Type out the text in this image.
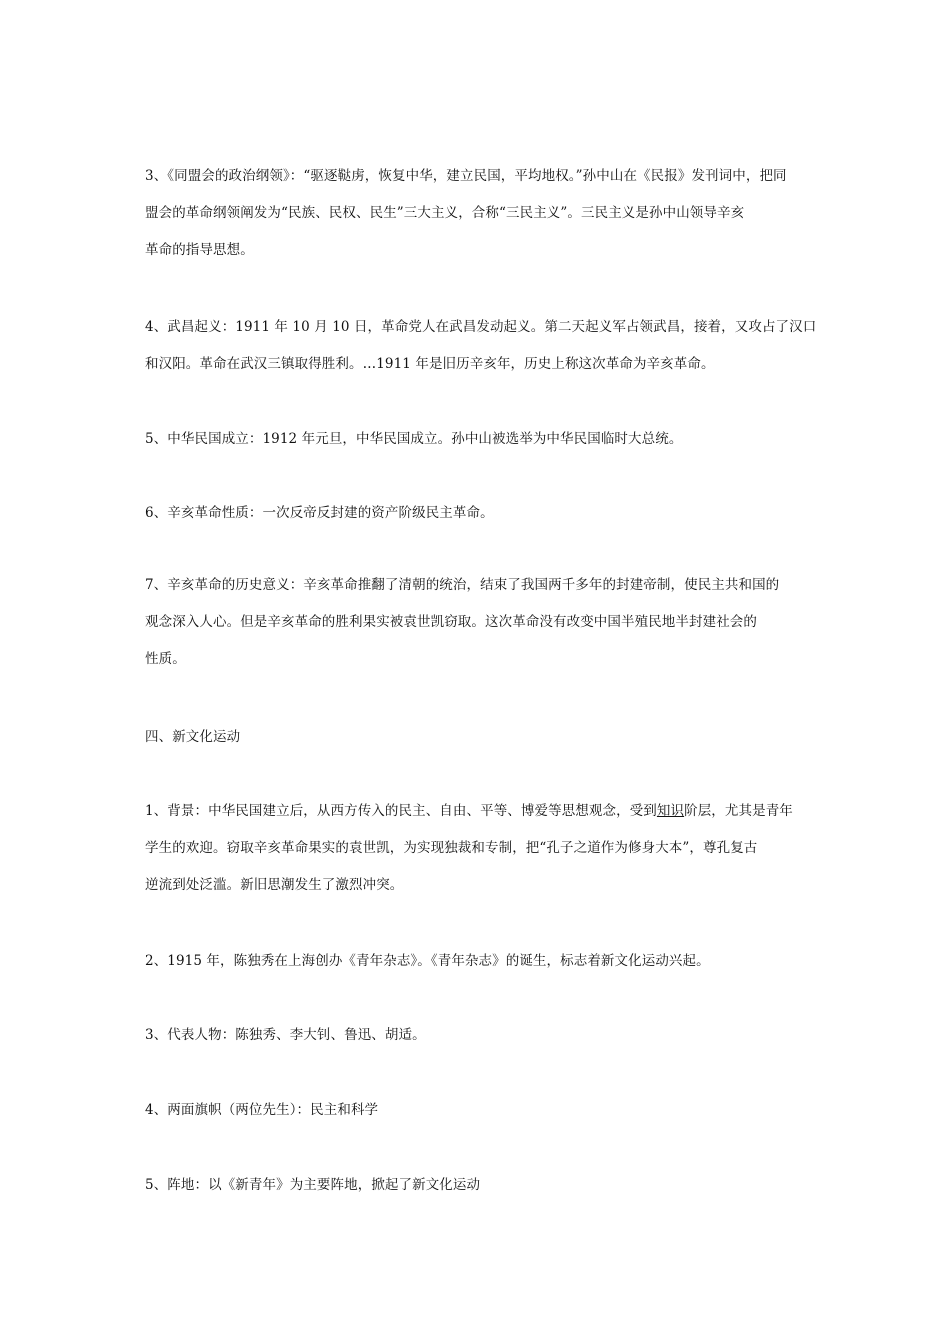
3、《同盟会的政治纲领》：“驱逐鞑虏，恢复中华，建立民国，平均地权。”孙中山在《民报》发刊词中，把同
盟会的革命纲领阐发为“民族、民权、民生”三大主义，合称“三民主义”。三民主义是孙中山领导辛亥
革命的指导思想。

4、武昌起义：1911 年 10 月 10 日，革命党人在武昌发动起义。第二天起义军占领武昌，接着，又攻占了汉口
和汉阳。革命在武汉三镇取得胜利。…1911 年是旧历辛亥年，历史上称这次革命为辛亥革命。

5、中华民国成立：1912 年元旦，中华民国成立。孙中山被选举为中华民国临时大总统。

6、辛亥革命性质：一次反帝反封建的资产阶级民主革命。

7、辛亥革命的历史意义：辛亥革命推翻了清朝的统治，结束了我国两千多年的封建帝制，使民主共和国的
观念深入人心。但是辛亥革命的胜利果实被袁世凯窃取。这次革命没有改变中国半殖民地半封建社会的
性质。

四、新文化运动

1、背景：中华民国建立后，从西方传入的民主、自由、平等、博爱等思想观念，受到知识阶层，尤其是青年
学生的欢迎。窃取辛亥革命果实的袁世凯，为实现独裁和专制，把“孔子之道作为修身大本”，尊孔复古
逆流到处泛滥。新旧思潮发生了激烈冲突。

2、1915 年，陈独秀在上海创办《青年杂志》。《青年杂志》的诞生，标志着新文化运动兴起。

3、代表人物：陈独秀、李大钊、鲁迅、胡适。

4、两面旗帜（两位先生）：民主和科学

5、阵地：以《新青年》为主要阵地，掀起了新文化运动
